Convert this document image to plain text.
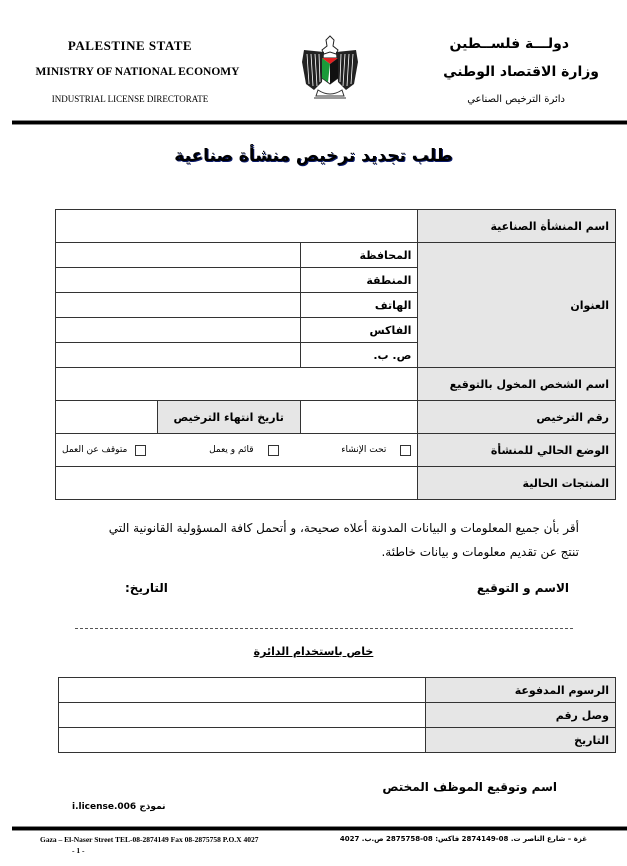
PALESTINE STATE
MINISTRY OF NATIONAL ECONOMY
INDUSTRIAL LICENSE DIRECTORATE
دولـــة فلســطين
وزارة الاقتصاد الوطني
دائرة الترخيص الصناعي
طلب تجديد ترخيص منشأة صناعية
اسم المنشأة الصناعية			
العنوان	المحافظة		
	المنطقة		
	الهاتف		
	الفاكس		
	ص. ب.		
اسم الشخص المخول بالتوقيع			
رقم الترخيص		تاريخ انتهاء الترخيص	
الوضع الحالي للمنشأة	تحت الإنشاء
قائم و يعمل
متوقف عن العمل		

المنتجات الحالية			
أقر بأن جميع المعلومات و البيانات المدونة أعلاه صحيحة، و أتحمل كافة المسؤولية القانونية التي
تنتج عن تقديم معلومات و بيانات خاطئة.
الاسم و التوقيع
التاريخ:
خاص باستخدام الدائرة
الرسوم المدفوعة	
وصل رقم	
التاريخ	
اسم وتوقيع الموظف المختص
نموذج i.license.006
Gaza – El-Naser Street TEL-08-2874149 Fax 08-2875758 P.O.X 4027
- 1 -
غزة – شارع الناصر ت. 08-2874149 فاكس: 08-2875758 ص.ب. 4027
